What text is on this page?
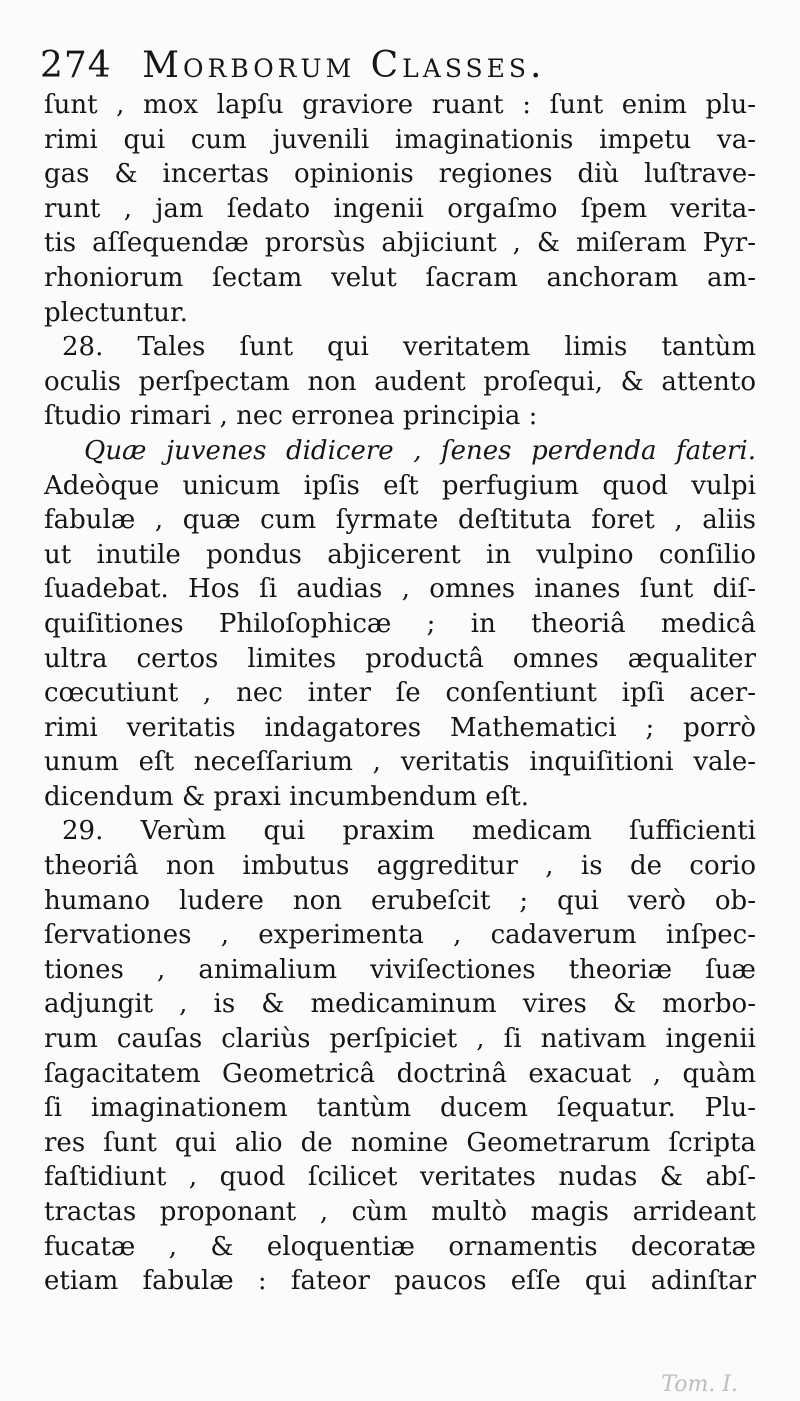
274 Morborum Classes.
ſunt , mox lapſu graviore ruant : ſunt enim plu-
rimi qui cum juvenili imaginationis impetu va-
gas & incertas opinionis regiones diù luſtrave-
runt , jam ſedato ingenii orgaſmo ſpem verita-
tis aſſequendæ prorsùs abjiciunt , & miſeram Pyr-
rhoniorum ſectam velut ſacram anchoram am-
plectuntur.
28. Tales ſunt qui veritatem limis tantùm
oculis perſpectam non audent proſequi, & attento
ſtudio rimari , nec erronea principia :
Quæ juvenes didicere , ſenes perdenda fateri.
Adeòque unicum ipſis eſt perfugium quod vulpi
fabulæ , quæ cum ſyrmate deſtituta foret , aliis
ut inutile pondus abjicerent in vulpino conſilio
ſuadebat. Hos ſi audias , omnes inanes ſunt diſ-
quiſitiones Philoſophicæ ; in theoriâ medicâ
ultra certos limites productâ omnes æqualiter
cœcutiunt , nec inter ſe conſentiunt ipſi acer-
rimi veritatis indagatores Mathematici ; porrò
unum eſt neceſſarium , veritatis inquiſitioni vale-
dicendum & praxi incumbendum eſt.
29. Verùm qui praxim medicam ſufficienti
theoriâ non imbutus aggreditur , is de corio
humano ludere non erubeſcit ; qui verò ob-
ſervationes , experimenta , cadaverum inſpec-
tiones , animalium viviſectiones theoriæ ſuæ
adjungit , is & medicaminum vires & morbo-
rum cauſas clariùs perſpiciet , ſi nativam ingenii
ſagacitatem Geometricâ doctrinâ exacuat , quàm
ſi imaginationem tantùm ducem ſequatur. Plu-
res ſunt qui alio de nomine Geometrarum ſcripta
faſtidiunt , quod ſcilicet veritates nudas & abſ-
tractas proponant , cùm multò magis arrideant
fucatæ , & eloquentiæ ornamentis decoratæ
etiam fabulæ : fateor paucos eſſe qui adinſtar
Tom. I.
